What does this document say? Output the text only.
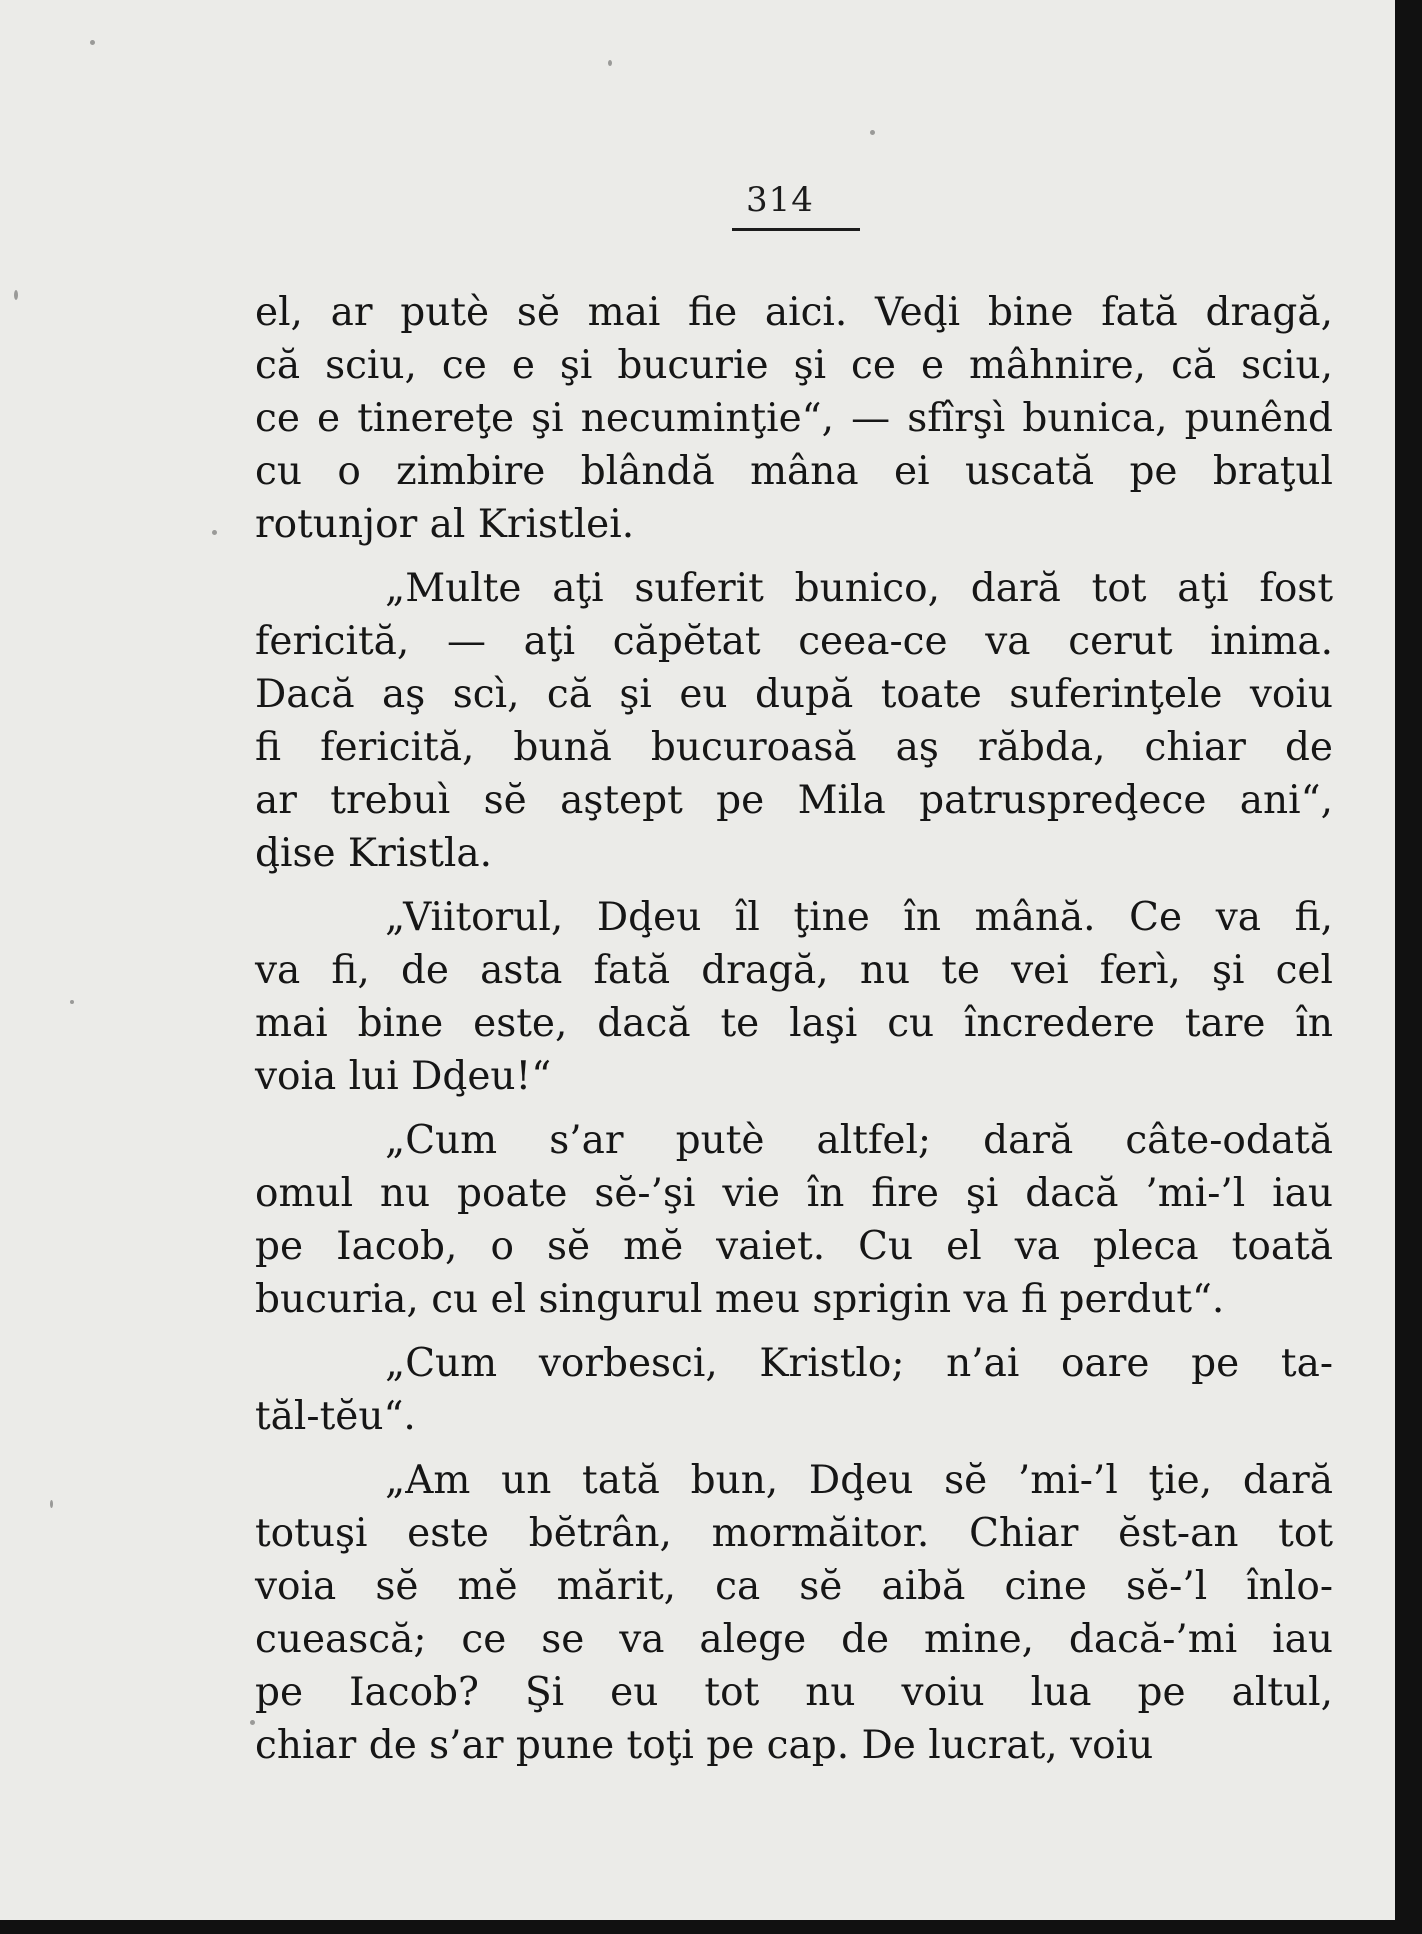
314
el, ar putè sĕ mai fie aici. Veḑi bine fată dragă,
că sciu, ce e şi bucurie şi ce e mâhnire, că sciu,
ce e tinereţe şi necuminţie“, — sfîrşì bunica, punênd
cu o zimbire blândă mâna ei uscată pe braţul
rotunjor al Kristlei.
„Multe aţi suferit bunico, dară tot aţi fost
fericită, — aţi căpĕtat ceea-ce va cerut inima.
Dacă aş scì, că şi eu după toate suferinţele voiu
fi fericită, bună bucuroasă aş răbda, chiar de
ar trebuì sĕ aştept pe Mila patruspreḑece ani“,
ḑise Kristla.
„Viitorul, Dḑeu îl ţine în mână. Ce va fi,
va fi, de asta fată dragă, nu te vei ferì, şi cel
mai bine este, dacă te laşi cu încredere tare în
voia lui Dḑeu!“
„Cum s’ar putè altfel; dară câte-odată
omul nu poate sĕ-’şi vie în fire şi dacă ’mi-’l iau
pe Iacob, o sĕ mĕ vaiet. Cu el va pleca toată
bucuria, cu el singurul meu sprigin va fi perdut“.
„Cum vorbesci, Kristlo; n’ai oare pe ta-
tăl-tĕu“.
„Am un tată bun, Dḑeu sĕ ’mi-’l ţie, dară
totuşi este bĕtrân, mormăitor. Chiar ĕst-an tot
voia sĕ mĕ mărit, ca sĕ aibă cine sĕ-’l înlo-
cuească; ce se va alege de mine, dacă-’mi iau
pe Iacob? Şi eu tot nu voiu lua pe altul,
chiar de s’ar pune toţi pe cap. De lucrat, voiu
